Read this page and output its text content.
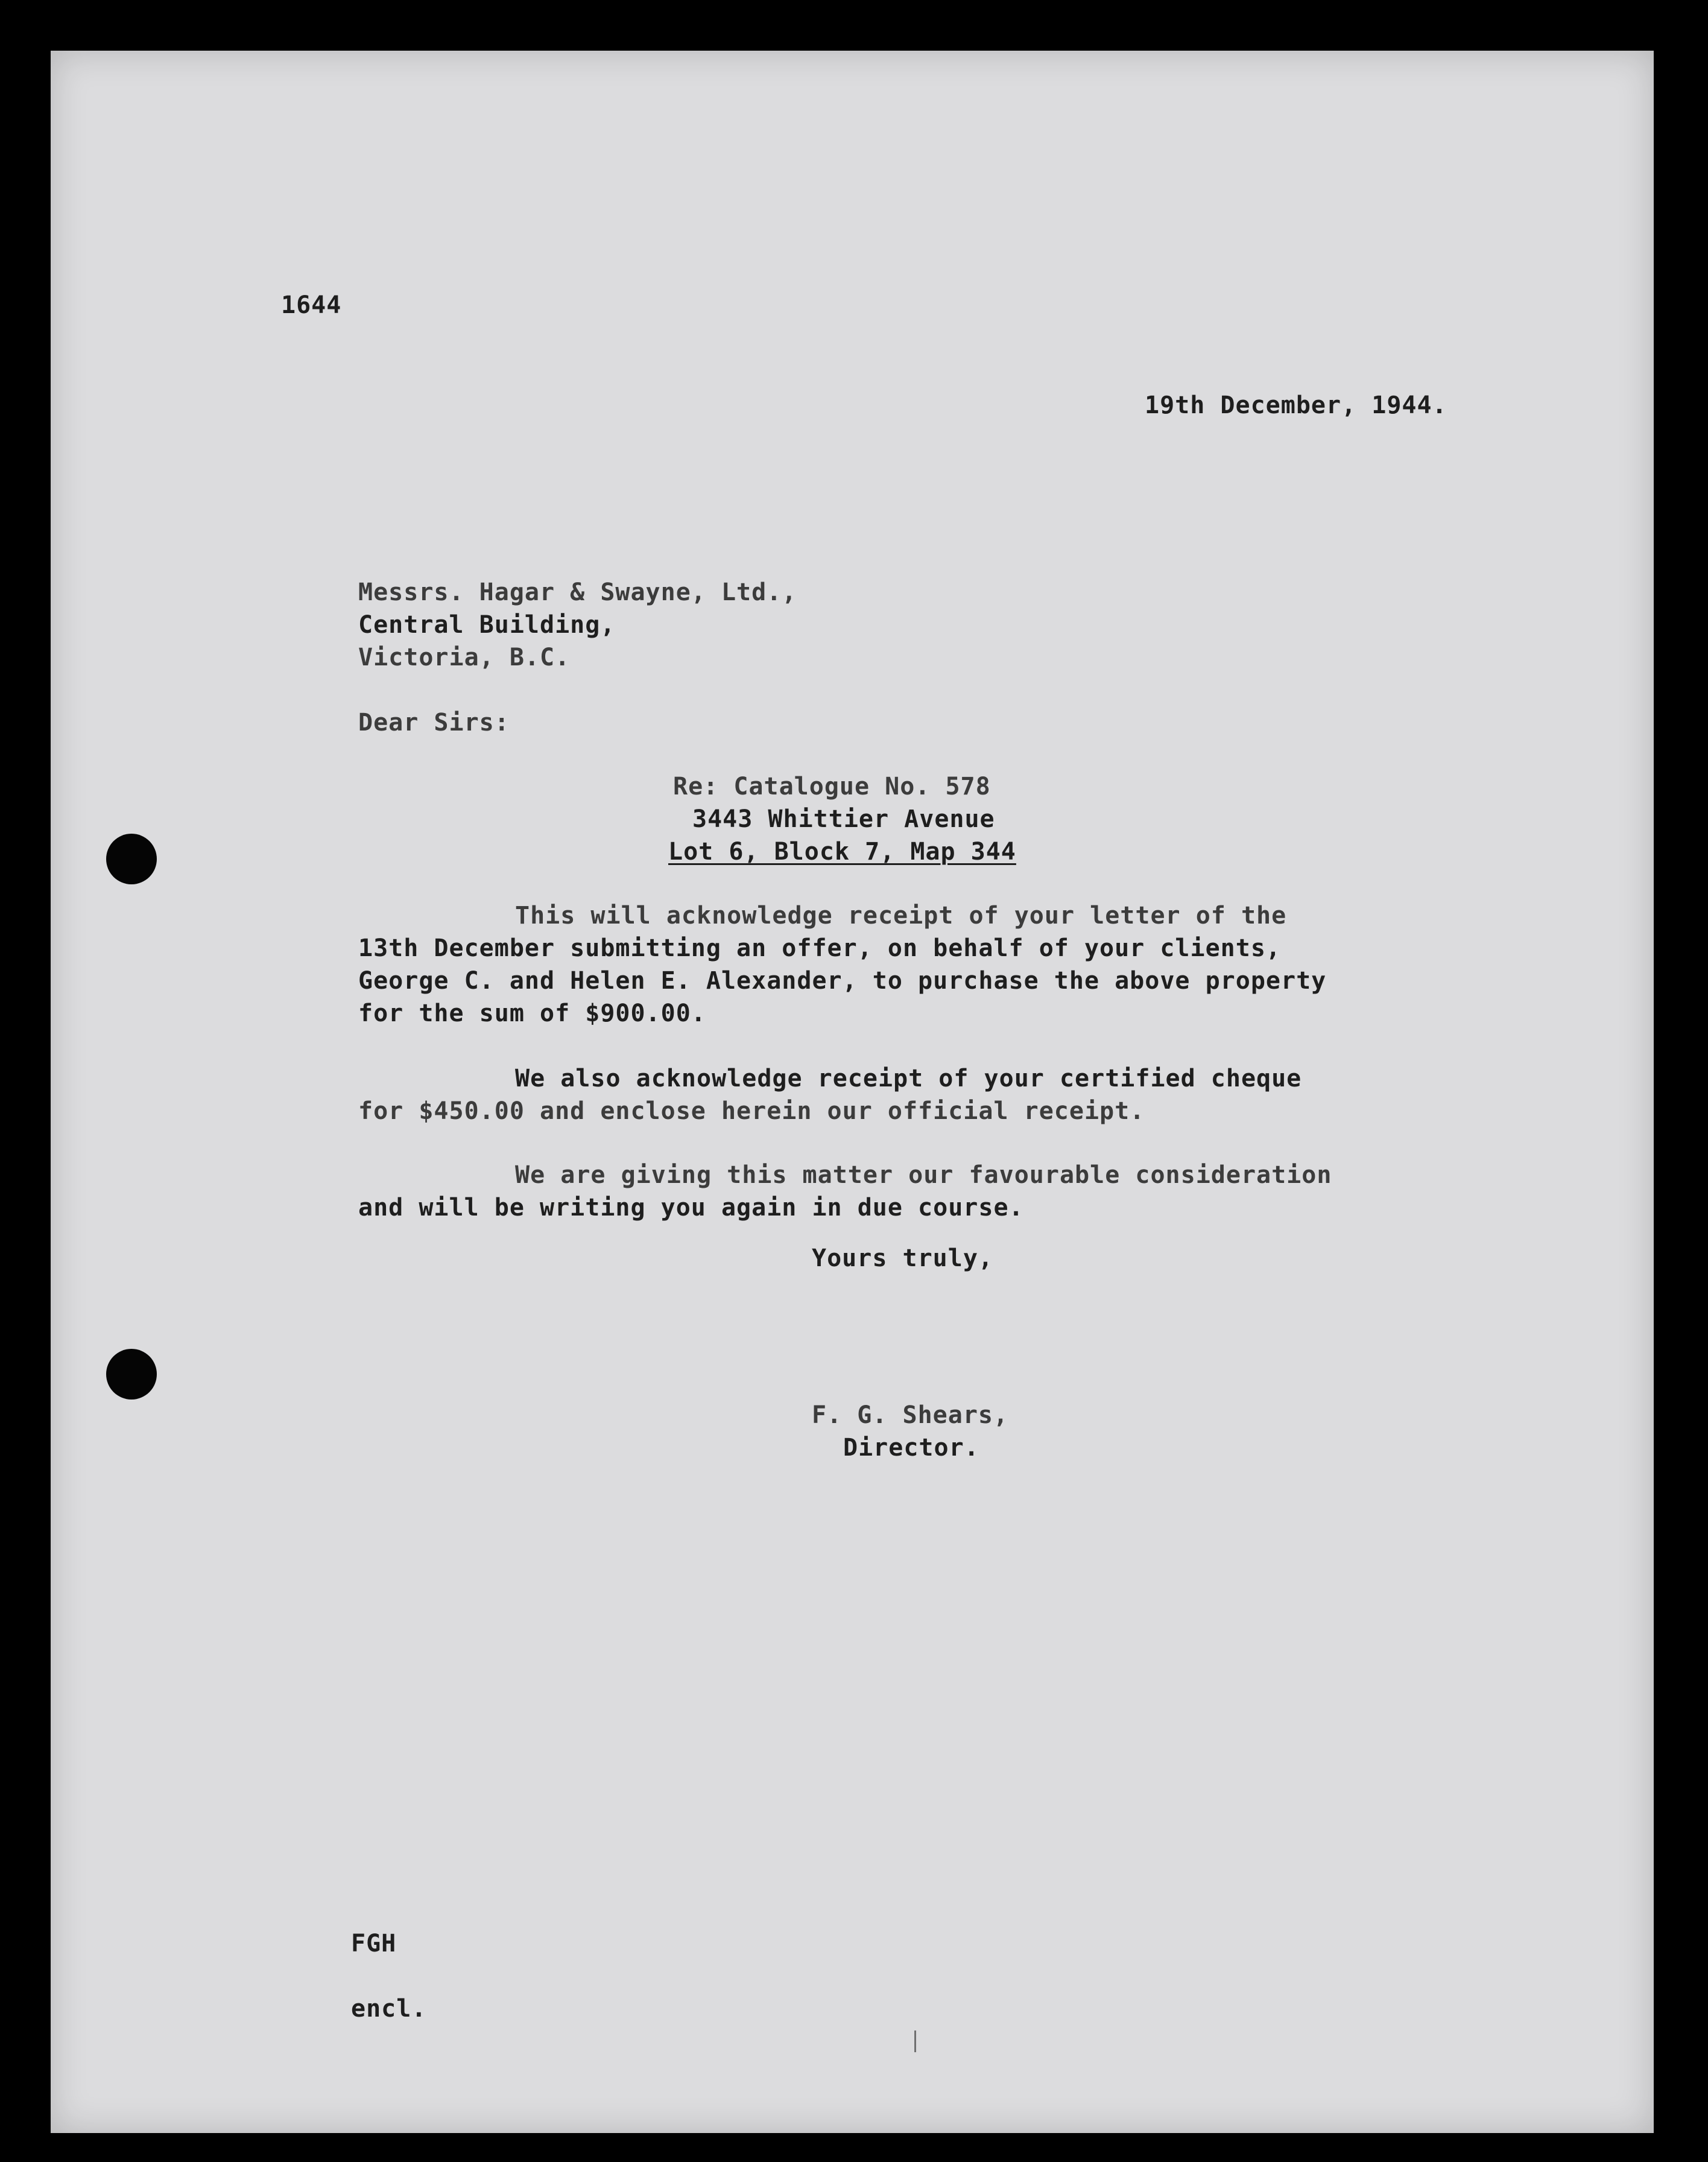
1644

19th December, 1944.

Messrs. Hagar & Swayne, Ltd.,

Central Building,

Victoria, B.C.

Dear Sirs:

Re: Catalogue No. 578

3443 Whittier Avenue

Lot 6, Block 7, Map 344

This will acknowledge receipt of your letter of the

13th December submitting an offer, on behalf of your clients,

George C. and Helen E. Alexander, to purchase the above property

for the sum of $900.00.

We also acknowledge receipt of your certified cheque

for $450.00 and enclose herein our official receipt.

We are giving this matter our favourable consideration

and will be writing you again in due course.

Yours truly,

F. G. Shears,

Director.

FGH

encl.
